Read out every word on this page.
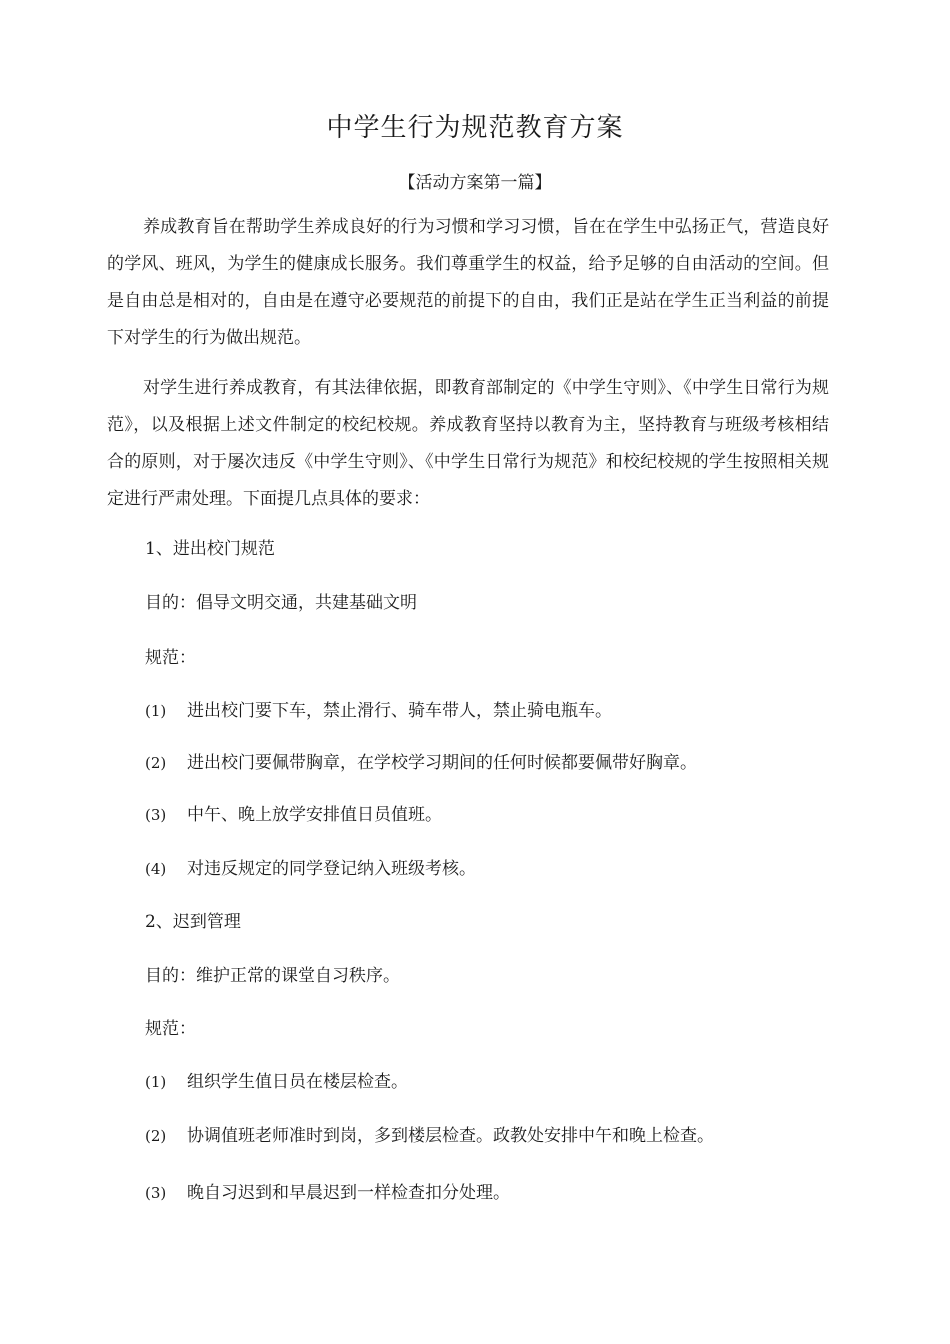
中学生行为规范教育方案
【活动方案第一篇】
养成教育旨在帮助学生养成良好的行为习惯和学习习惯，旨在在学生中弘扬正气，营造良好的学风、班风，为学生的健康成长服务。我们尊重学生的权益，给予足够的自由活动的空间。但是自由总是相对的，自由是在遵守必要规范的前提下的自由，我们正是站在学生正当利益的前提下对学生的行为做出规范。
对学生进行养成教育，有其法律依据，即教育部制定的《中学生守则》、《中学生日常行为规范》，以及根据上述文件制定的校纪校规。养成教育坚持以教育为主，坚持教育与班级考核相结合的原则，对于屡次违反《中学生守则》、《中学生日常行为规范》和校纪校规的学生按照相关规定进行严肃处理。下面提几点具体的要求：
1、进出校门规范
目的：倡导文明交通，共建基础文明
规范：
(1) 进出校门要下车，禁止滑行、骑车带人，禁止骑电瓶车。
(2) 进出校门要佩带胸章，在学校学习期间的任何时候都要佩带好胸章。
(3) 中午、晚上放学安排值日员值班。
(4) 对违反规定的同学登记纳入班级考核。
2、迟到管理
目的：维护正常的课堂自习秩序。
规范：
(1) 组织学生值日员在楼层检查。
(2) 协调值班老师准时到岗，多到楼层检查。政教处安排中午和晚上检查。
(3) 晚自习迟到和早晨迟到一样检查扣分处理。
